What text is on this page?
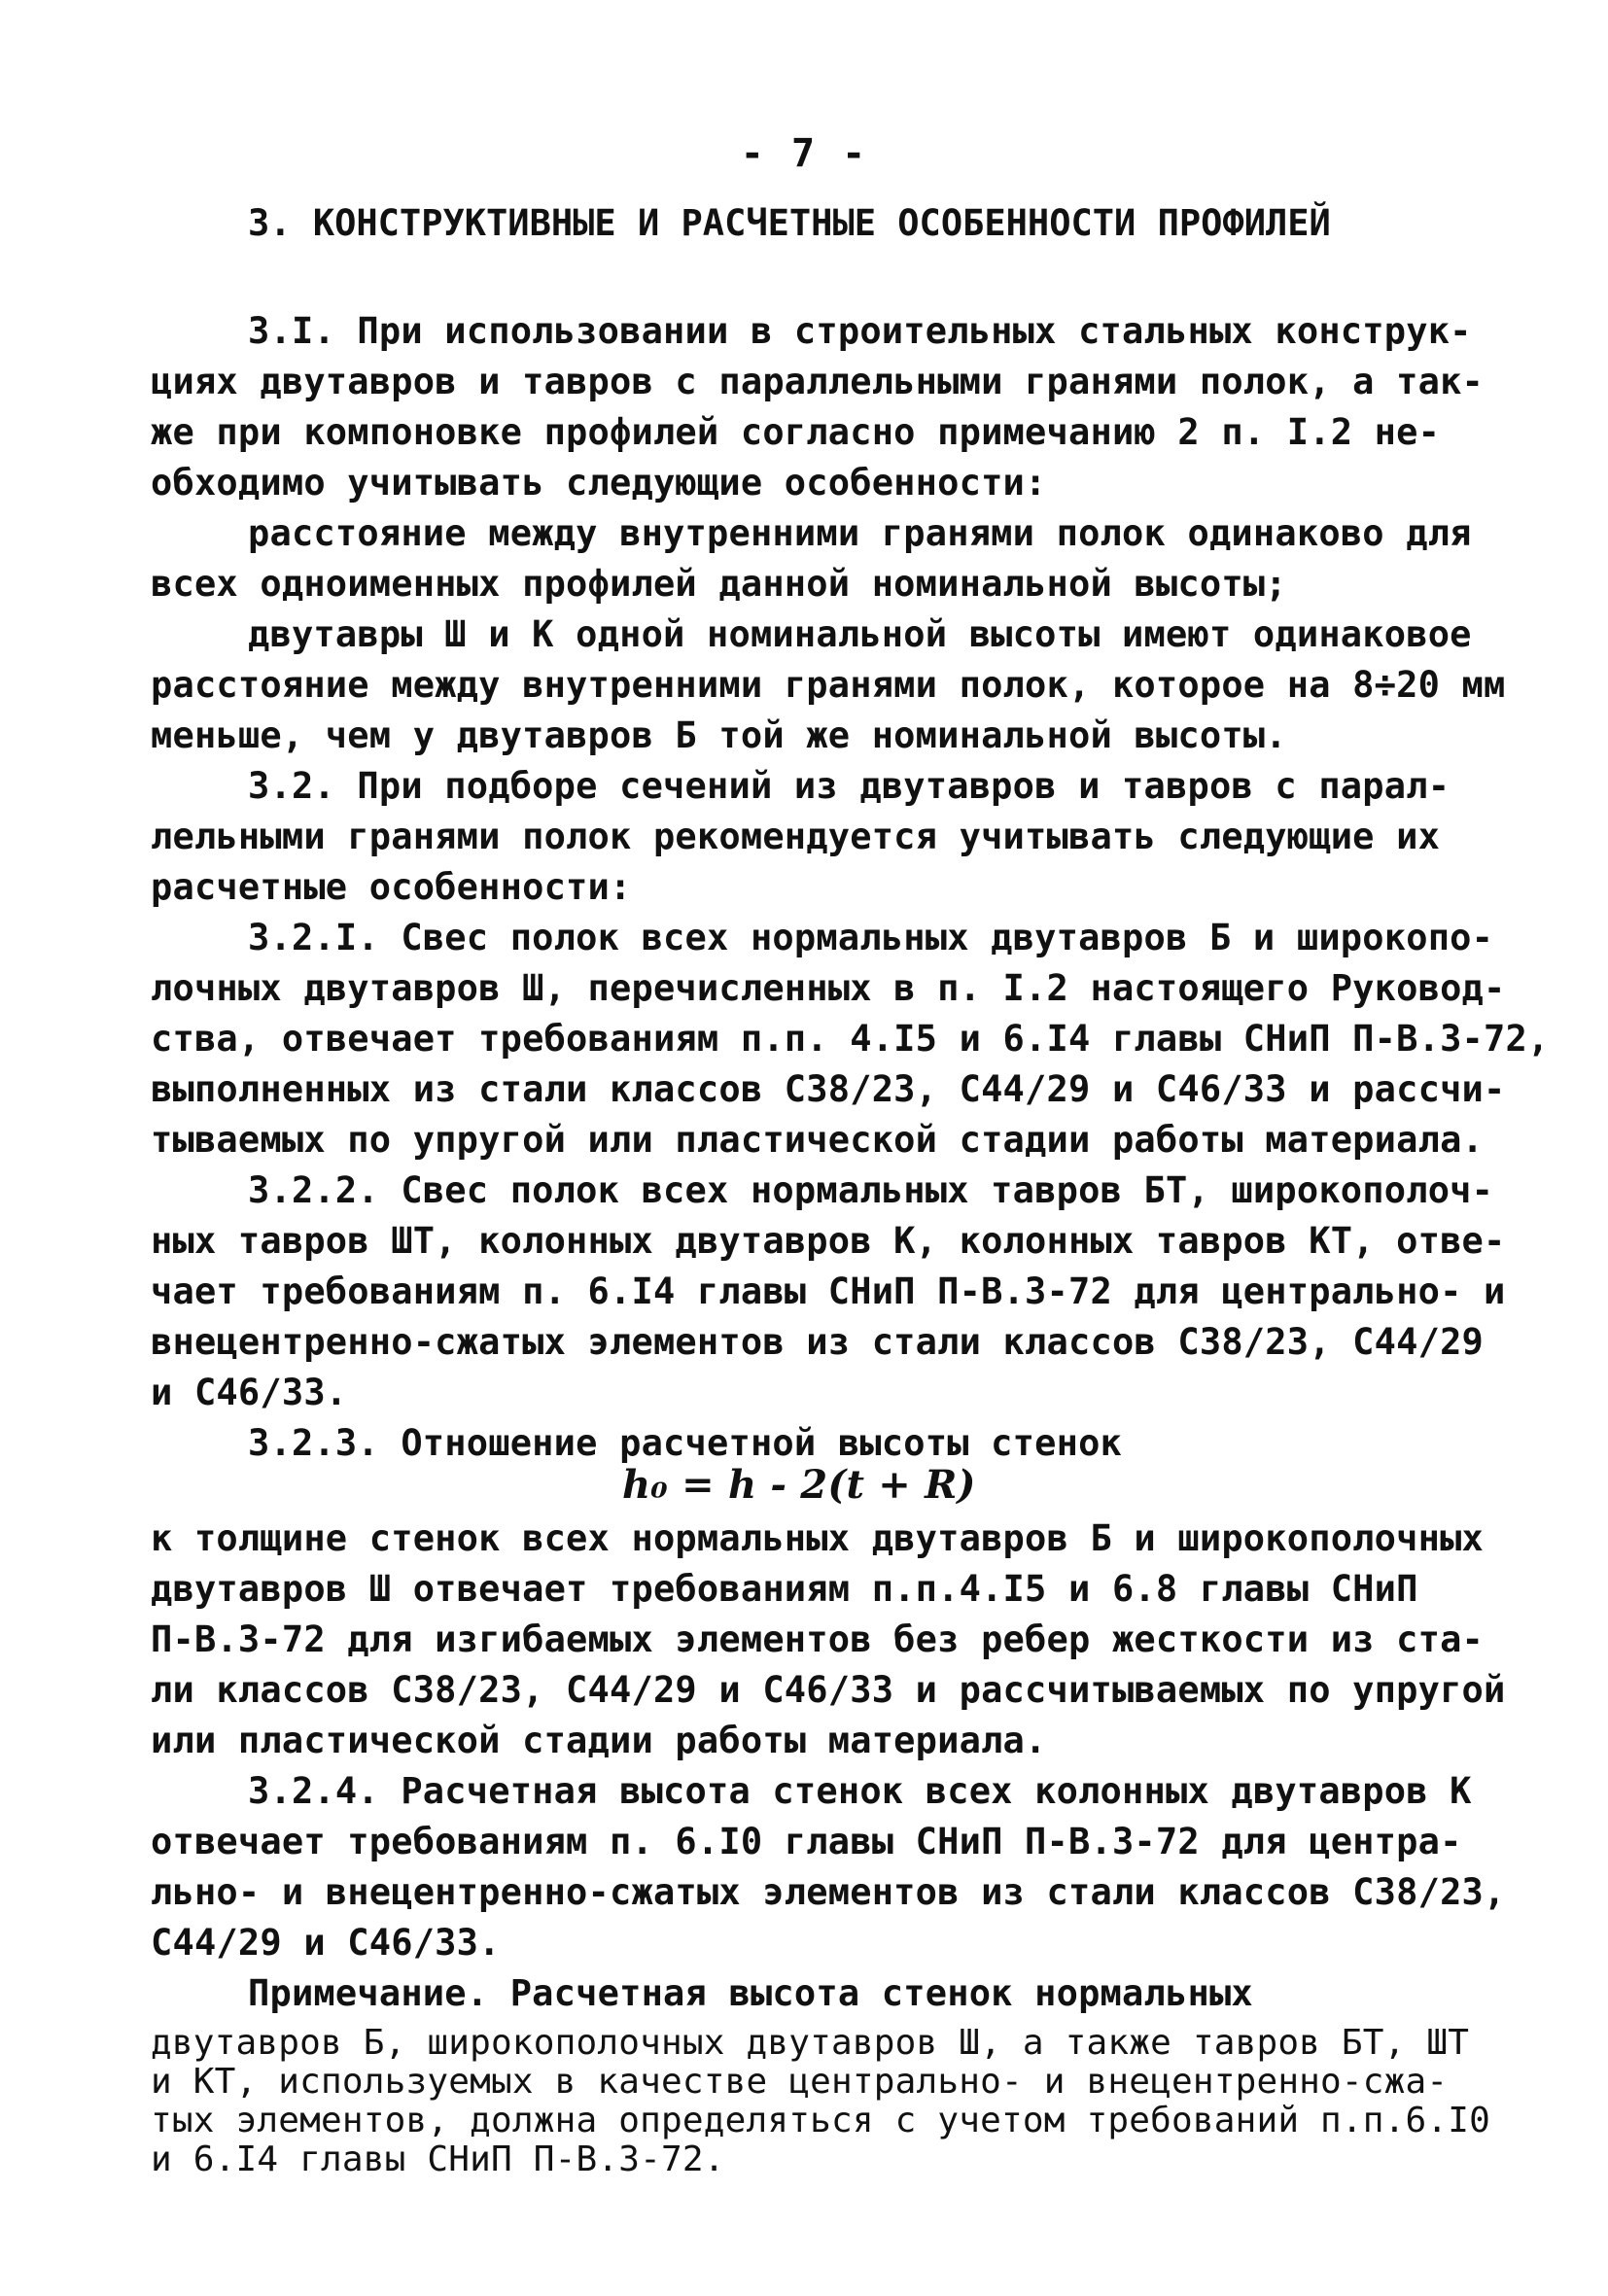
- 7 -
3. КОНСТРУКТИВНЫЕ И РАСЧЕТНЫЕ ОСОБЕННОСТИ ПРОФИЛЕЙ
3.I. При использовании в строительных стальных конструк-
циях двутавров и тавров с параллельными гранями полок, а так-
же при компоновке профилей согласно примечанию 2 п. I.2 не-
обходимо учитывать следующие особенности:
расстояние между внутренними гранями полок одинаково для
всех одноименных профилей данной номинальной высоты;
двутавры Ш и К одной номинальной высоты имеют одинаковое
расстояние между внутренними гранями полок, которое на 8÷20 мм
меньше, чем у двутавров Б той же номинальной высоты.
3.2. При подборе сечений из двутавров и тавров с парал-
лельными гранями полок рекомендуется учитывать следующие их
расчетные особенности:
3.2.I. Свес полок всех нормальных двутавров Б и широкопо-
лочных двутавров Ш, перечисленных в п. I.2 настоящего Руковод-
ства, отвечает требованиям п.п. 4.I5 и 6.I4 главы СНиП П-В.3-72,
выполненных из стали классов С38/23, С44/29 и С46/33 и рассчи-
тываемых по упругой или пластической стадии работы материала.
3.2.2. Свес полок всех нормальных тавров БТ, широкополоч-
ных тавров ШТ, колонных двутавров К, колонных тавров КТ, отве-
чает требованиям п. 6.I4 главы СНиП П-В.3-72 для центрально- и
внецентренно-сжатых элементов из стали классов С38/23, С44/29
и С46/33.
3.2.3. Отношение расчетной высоты стенок
h₀ = h - 2(t + R)
к толщине стенок всех нормальных двутавров Б и широкополочных
двутавров Ш отвечает требованиям п.п.4.I5 и 6.8 главы СНиП
П-В.3-72 для изгибаемых элементов без ребер жесткости из ста-
ли классов С38/23, С44/29 и С46/33 и рассчитываемых по упругой
или пластической стадии работы материала.
3.2.4. Расчетная высота стенок всех колонных двутавров К
отвечает требованиям п. 6.I0 главы СНиП П-В.3-72 для центра-
льно- и внецентренно-сжатых элементов из стали классов С38/23,
С44/29 и С46/33.
Примечание. Расчетная высота стенок нормальных
двутавров Б, широкополочных двутавров Ш, а также тавров БТ, ШТ
и КТ, используемых в качестве центрально- и внецентренно-сжа-
тых элементов, должна определяться с учетом требований п.п.6.I0
и 6.I4 главы СНиП П-В.3-72.
